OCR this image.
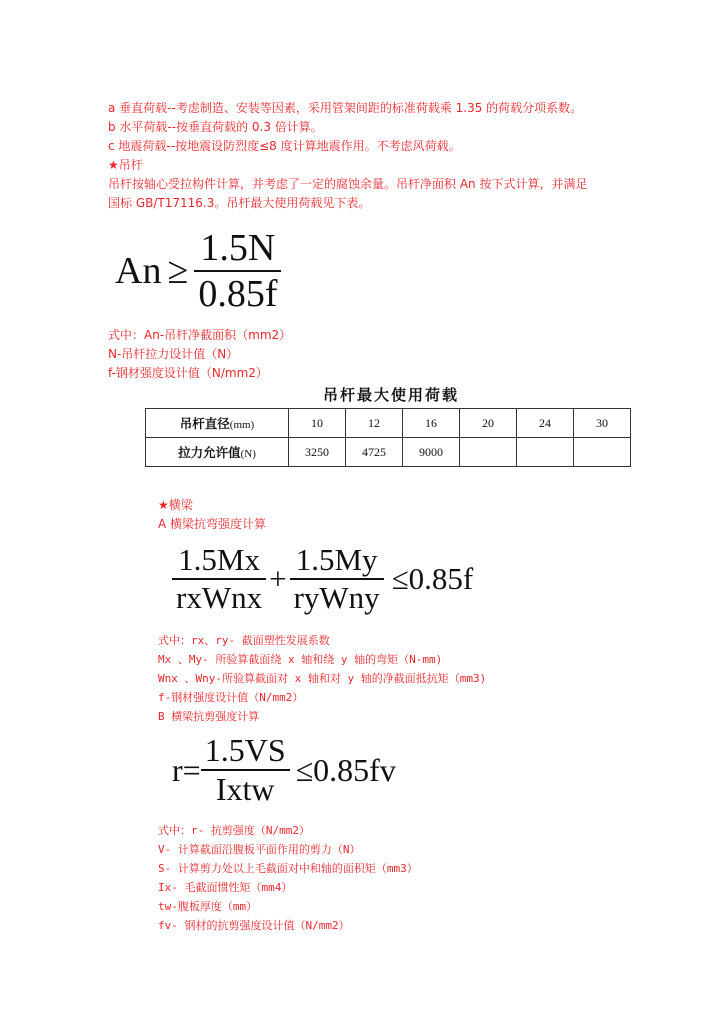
a 垂直荷载--考虑制造、安装等因素，采用管架间距的标准荷载乘 1.35 的荷载分项系数。
b 水平荷载--按垂直荷载的 0.3 倍计算。
c 地震荷载--按地震设防烈度≤8 度计算地震作用。不考虑风荷载。
★吊杆
吊杆按轴心受拉构件计算，并考虑了一定的腐蚀余量。吊杆净面积 An 按下式计算，并满足
国标 GB/T17116.3。吊杆最大使用荷载见下表。
$An \ge \frac{1.5N}{0.85f}$
式中：An-吊杆净截面积（mm2）
N-吊杆拉力设计值（N）
f-钢材强度设计值（N/mm2）
吊杆最大使用荷载
吊杆直径(mm)	10	12	16	20	24	30
拉力允许值(N)	3250	4725	9000			
★横梁
A 横梁抗弯强度计算
$\frac{1.5Mx}{\text{rxWnx}} + \frac{1.5My}{\text{ryWny}} \le 0.85f$
式中：rx、ry- 截面塑性发展系数
Mx 、My- 所验算截面绕 x 轴和绕 y 轴的弯矩（N-mm)
Wnx 、Wny-所验算截面对 x 轴和对 y 轴的净截面抵抗矩（mm3)
f-钢材强度设计值（N/mm2）
B 横梁抗剪强度计算
$r= \frac{1.5VS}{\text{Ixtw}} \le 0.85fv$
式中：r- 抗剪强度（N/mm2）
V- 计算截面沿腹板平面作用的剪力（N）
S- 计算剪力处以上毛截面对中和轴的面积矩（mm3）
Ix- 毛截面惯性矩（mm4）
tw-腹板厚度（mm）
fv- 钢材的抗剪强度设计值（N/mm2）
